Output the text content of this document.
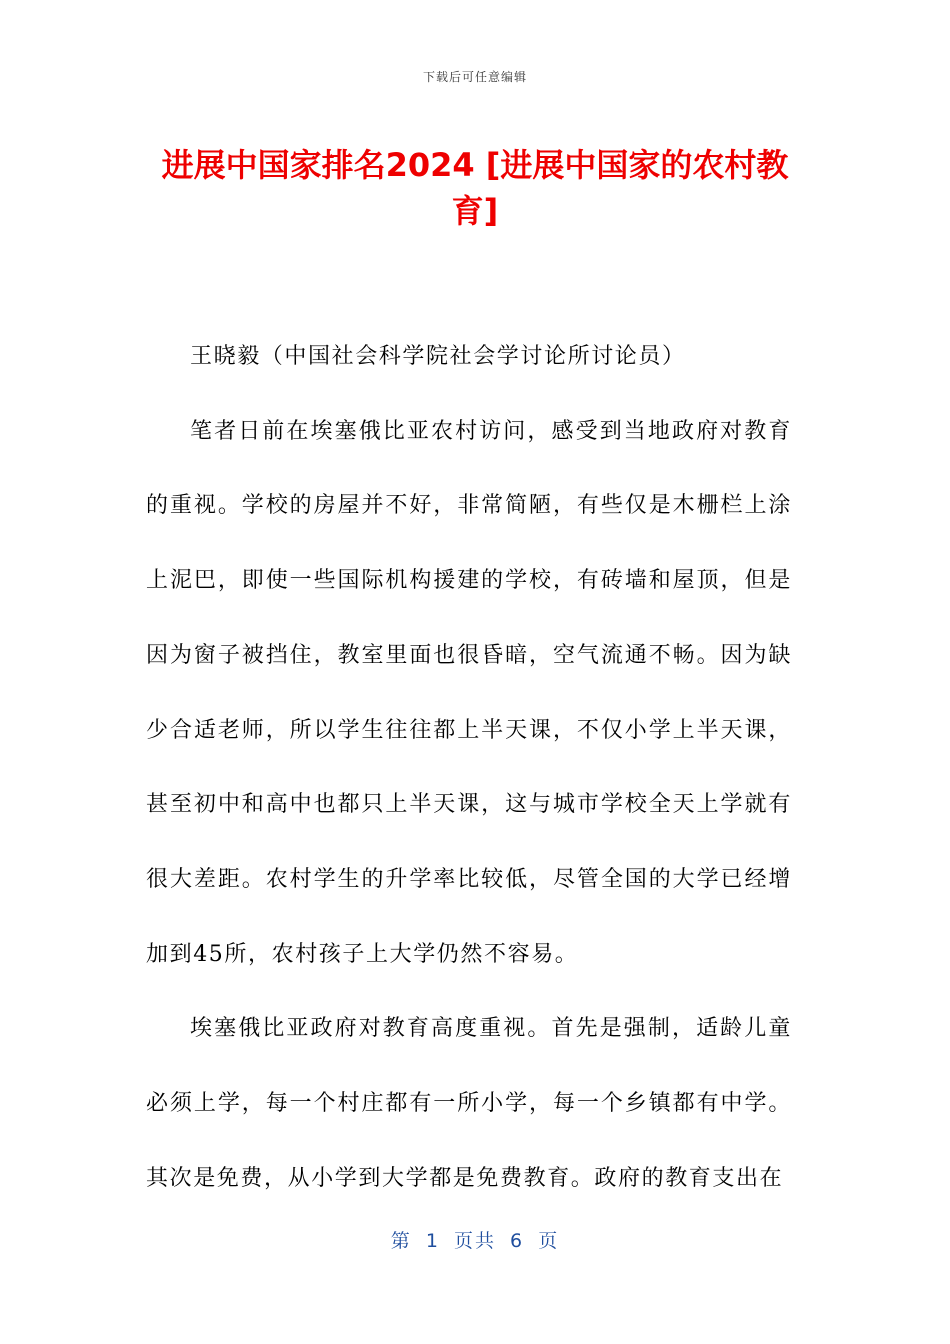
下载后可任意编辑
进展中国家排名2024 [进展中国家的农村教育]

王晓毅（中国社会科学院社会学讨论所讨论员）

笔者日前在埃塞俄比亚农村访问，感受到当地政府对教育的重视。学校的房屋并不好，非常简陋，有些仅是木栅栏上涂上泥巴，即使一些国际机构援建的学校，有砖墙和屋顶，但是因为窗子被挡住，教室里面也很昏暗，空气流通不畅。因为缺少合适老师，所以学生往往都上半天课，不仅小学上半天课，甚至初中和高中也都只上半天课，这与城市学校全天上学就有很大差距。农村学生的升学率比较低，尽管全国的大学已经增加到45所，农村孩子上大学仍然不容易。

埃塞俄比亚政府对教育高度重视。首先是强制，适龄儿童必须上学，每一个村庄都有一所小学，每一个乡镇都有中学。其次是免费，从小学到大学都是免费教育。政府的教育支出在

第 1 页共 6 页
